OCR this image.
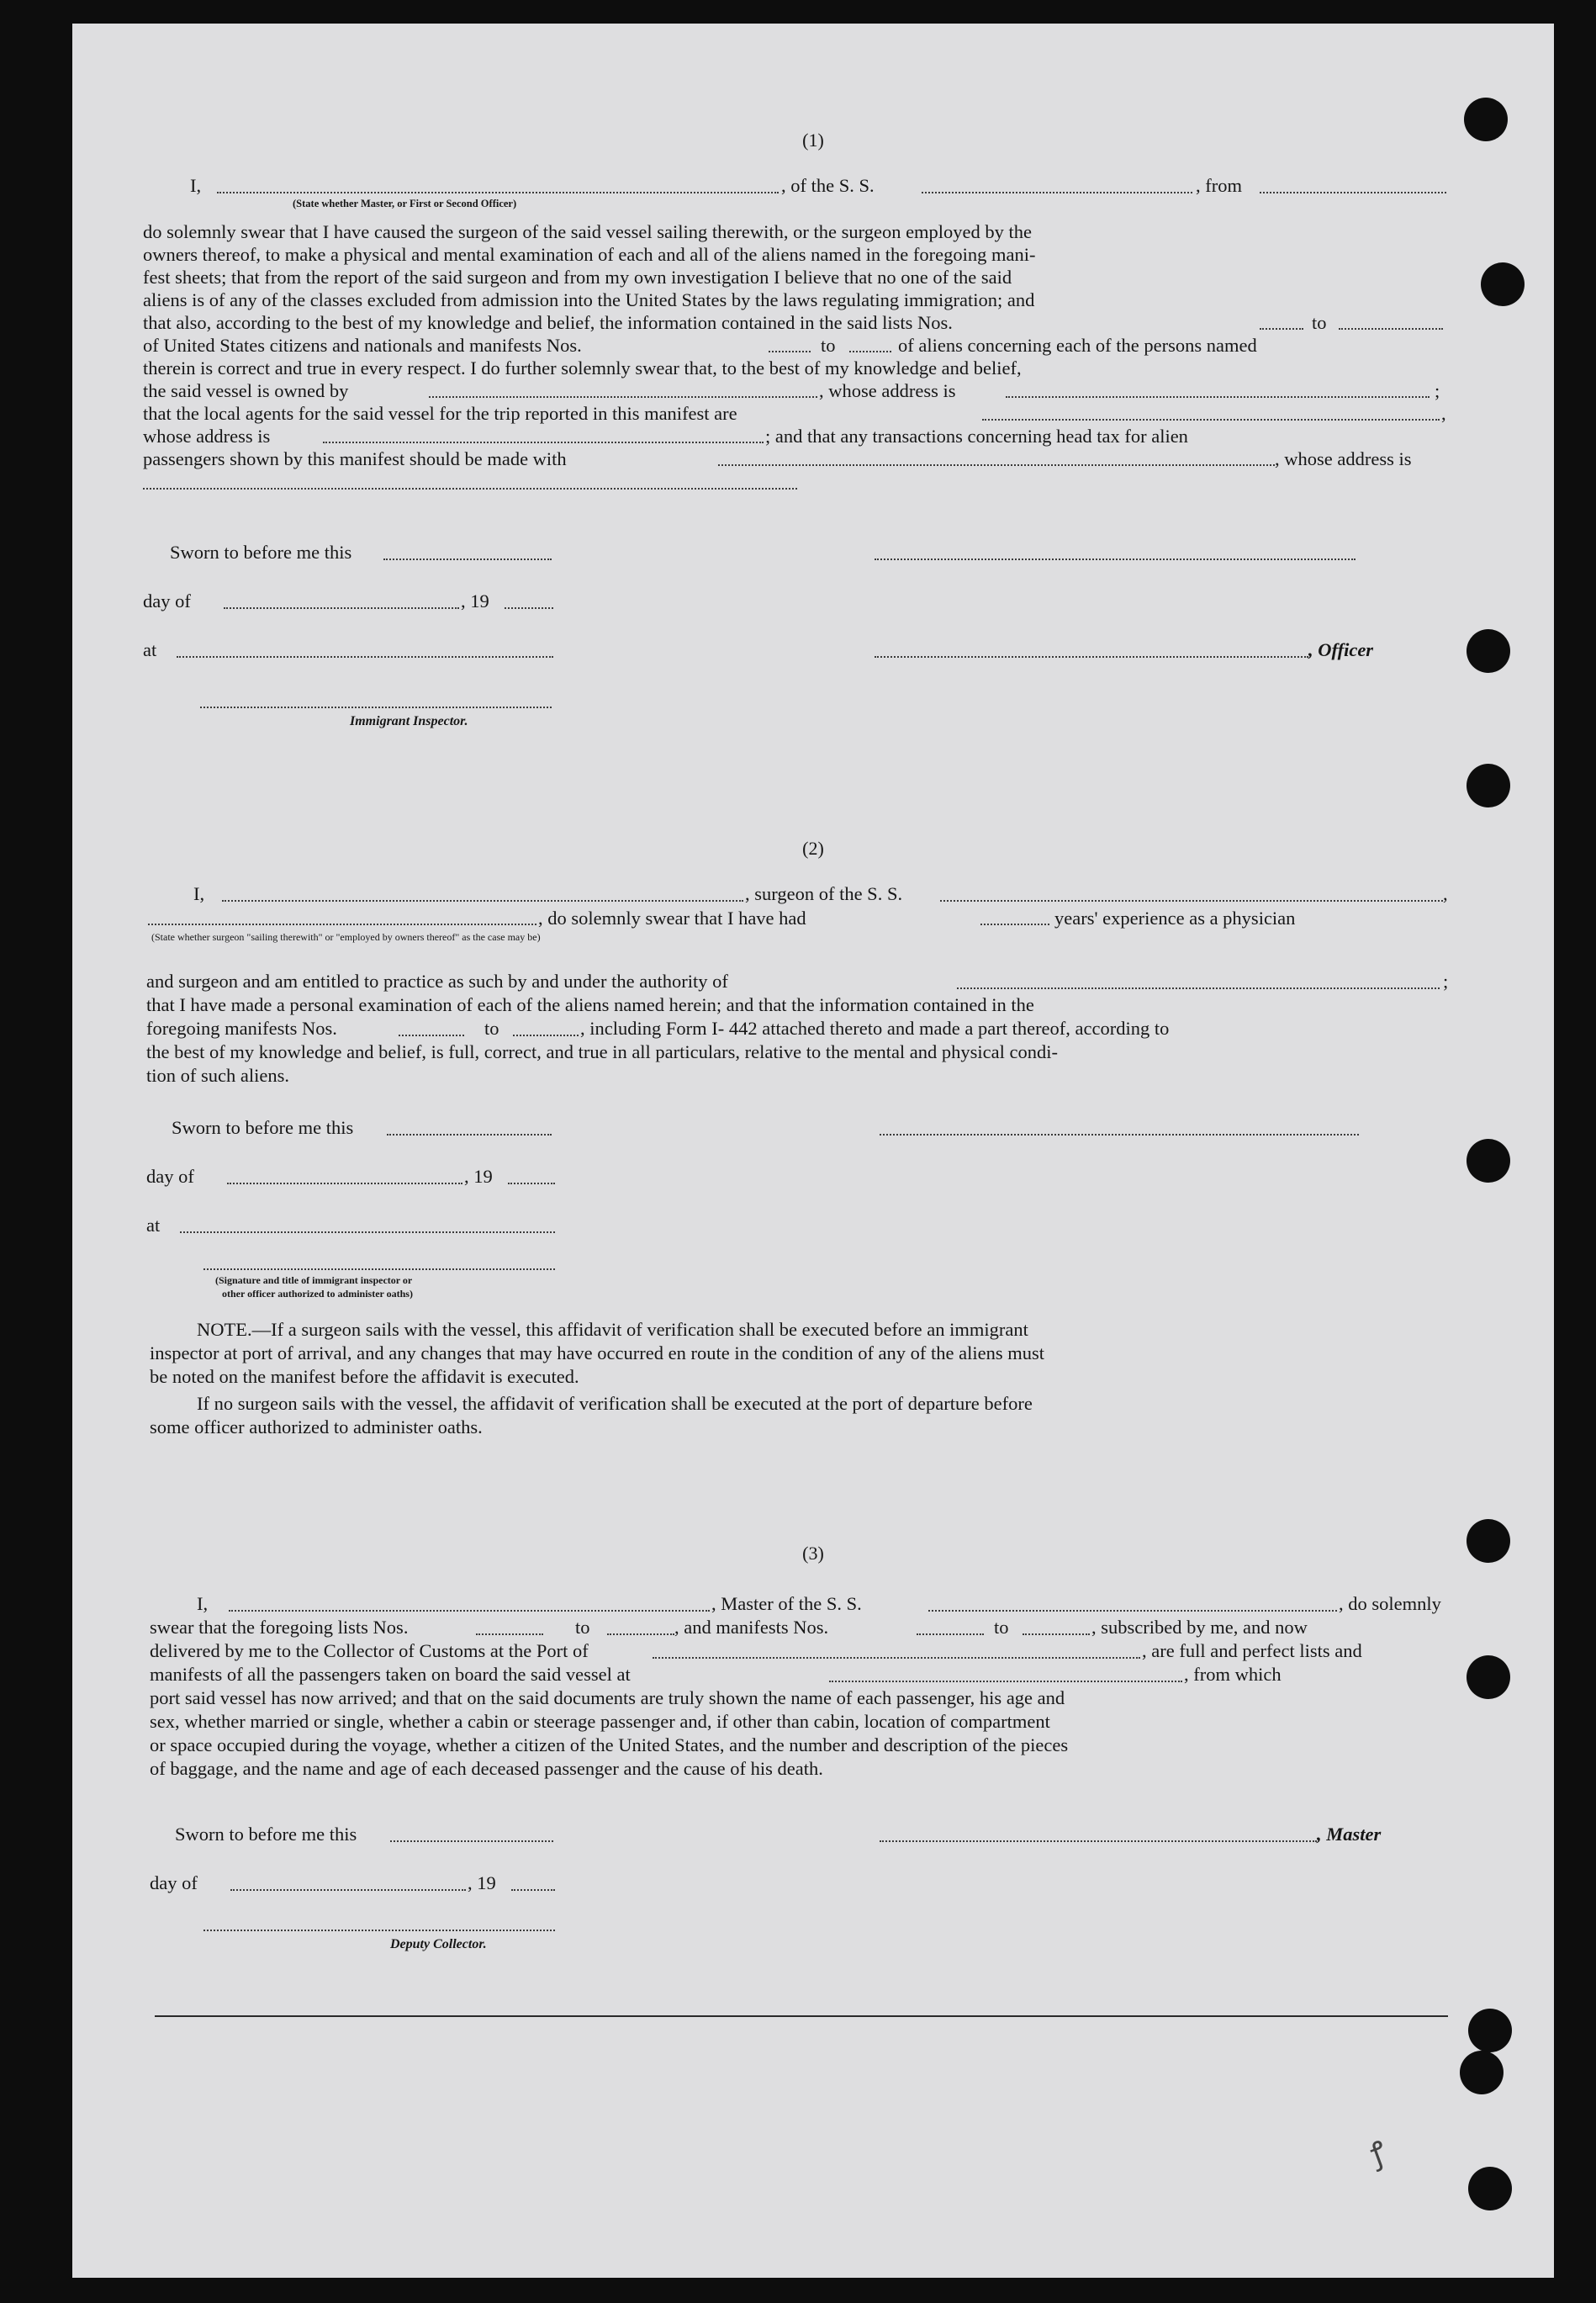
(1)
I,
(State whether Master, or First or Second Officer)
, of the S. S.	, from
do solemnly swear that I have caused the surgeon of the said vessel sailing therewith, or the surgeon employed by the
owners thereof, to make a physical and mental examination of each and all of the aliens named in the foregoing mani-
fest sheets; that from the report of the said surgeon and from my own investigation I believe that no one of the said
aliens is of any of the classes excluded from admission into the United States by the laws regulating immigration; and
that also, according to the best of my knowledge and belief, the information contained in the said lists Nos.	to
of United States citizens and nationals and manifests Nos.	to	of aliens concerning each of the persons named
therein is correct and true in every respect. I do further solemnly swear that, to the best of my knowledge and belief,
the said vessel is owned by	, whose address is	;
that the local agents for the said vessel for the trip reported in this manifest are	,
whose address is	; and that any transactions concerning head tax for alien
passengers shown by this manifest should be made with	, whose address is
Sworn to before me this
day of	, 19
at	, Officer
Immigrant Inspector.
(2)
I,	, surgeon of the S. S.	,
, do solemnly swear that I have had	years' experience as a physician
(State whether surgeon "sailing therewith" or "employed by owners thereof" as the case may be)
and surgeon and am entitled to practice as such by and under the authority of	;
that I have made a personal examination of each of the aliens named herein; and that the information contained in the
foregoing manifests Nos.	to	, including Form I- 442 attached thereto and made a part thereof, according to
the best of my knowledge and belief, is full, correct, and true in all particulars, relative to the mental and physical condi-
tion of such aliens.
Sworn to before me this
day of	, 19
at
(Signature and title of immigrant inspector or
other officer authorized to administer oaths)
NOTE.—If a surgeon sails with the vessel, this affidavit of verification shall be executed before an immigrant
inspector at port of arrival, and any changes that may have occurred en route in the condition of any of the aliens must
be noted on the manifest before the affidavit is executed.
If no surgeon sails with the vessel, the affidavit of verification shall be executed at the port of departure before
some officer authorized to administer oaths.
(3)
I,	, Master of the S. S.	, do solemnly
swear that the foregoing lists Nos.	to	, and manifests Nos.	to	, subscribed by me, and now
delivered by me to the Collector of Customs at the Port of	, are full and perfect lists and
manifests of all the passengers taken on board the said vessel at	, from which
port said vessel has now arrived; and that on the said documents are truly shown the name of each passenger, his age and
sex, whether married or single, whether a cabin or steerage passenger and, if other than cabin, location of compartment
or space occupied during the voyage, whether a citizen of the United States, and the number and description of the pieces
of baggage, and the name and age of each deceased passenger and the cause of his death.
Sworn to before me this	, Master
day of	, 19
Deputy Collector.
ꝭ
